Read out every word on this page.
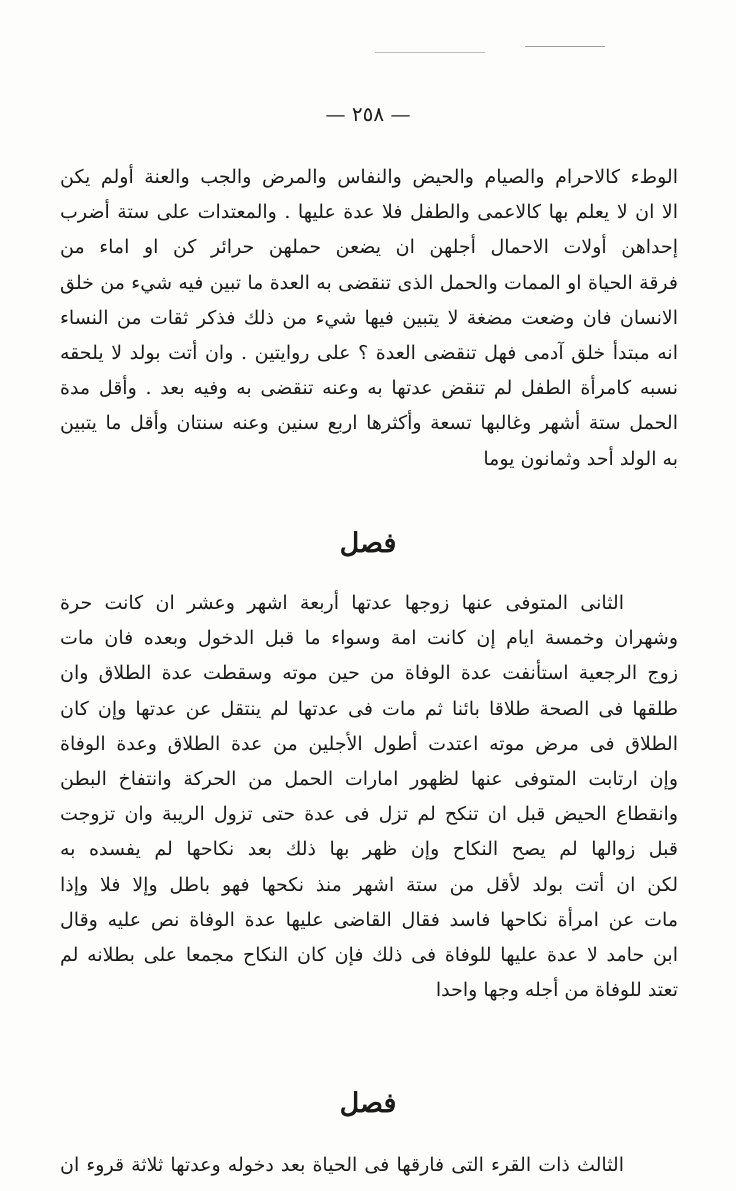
— ٢٥٨ —
الوطء كالاحرام والصيام والحيض والنفاس والمرض والجب والعنة أولم يكن
الا ان لا يعلم بها كالاعمى والطفل فلا عدة عليها . والمعتدات على ستة أضرب
إحداهن أولات الاحمال أجلهن ان يضعن حملهن حرائر كن او اماء من
فرقة الحياة او الممات والحمل الذى تنقضى به العدة ما تبين فيه شيء من خلق
الانسان فان وضعت مضغة لا يتبين فيها شيء من ذلك فذكر ثقات من النساء
انه مبتدأ خلق آدمى فهل تنقضى العدة ؟ على روايتين . وان أتت بولد لا يلحقه
نسبه كامرأة الطفل لم تنقض عدتها به وعنه تنقضى به وفيه بعد . وأقل مدة
الحمل ستة أشهر وغالبها تسعة وأكثرها اربع سنين وعنه سنتان وأقل ما يتبين
به الولد أحد وثمانون يوما
فصل
الثانى المتوفى عنها زوجها عدتها أربعة اشهر وعشر ان كانت حرة
وشهران وخمسة ايام إن كانت امة وسواء ما قبل الدخول وبعده فان مات
زوج الرجعية استأنفت عدة الوفاة من حين موته وسقطت عدة الطلاق وان
طلقها فى الصحة طلاقا بائنا ثم مات فى عدتها لم ينتقل عن عدتها وإن كان
الطلاق فى مرض موته اعتدت أطول الأجلين من عدة الطلاق وعدة الوفاة
وإن ارتابت المتوفى عنها لظهور امارات الحمل من الحركة وانتفاخ البطن
وانقطاع الحيض قبل ان تنكح لم تزل فى عدة حتى تزول الريبة وان تزوجت
قبل زوالها لم يصح النكاح وإن ظهر بها ذلك بعد نكاحها لم يفسده به
لكن ان أتت بولد لأقل من ستة اشهر منذ نكحها فهو باطل وإلا فلا وإذا
مات عن امرأة نكاحها فاسد فقال القاضى عليها عدة الوفاة نص عليه وقال
ابن حامد لا عدة عليها للوفاة فى ذلك فإن كان النكاح مجمعا على بطلانه لم
تعتد للوفاة من أجله وجها واحدا
فصل
الثالث ذات القرء التى فارقها فى الحياة بعد دخوله وعدتها ثلاثة قروء ان
